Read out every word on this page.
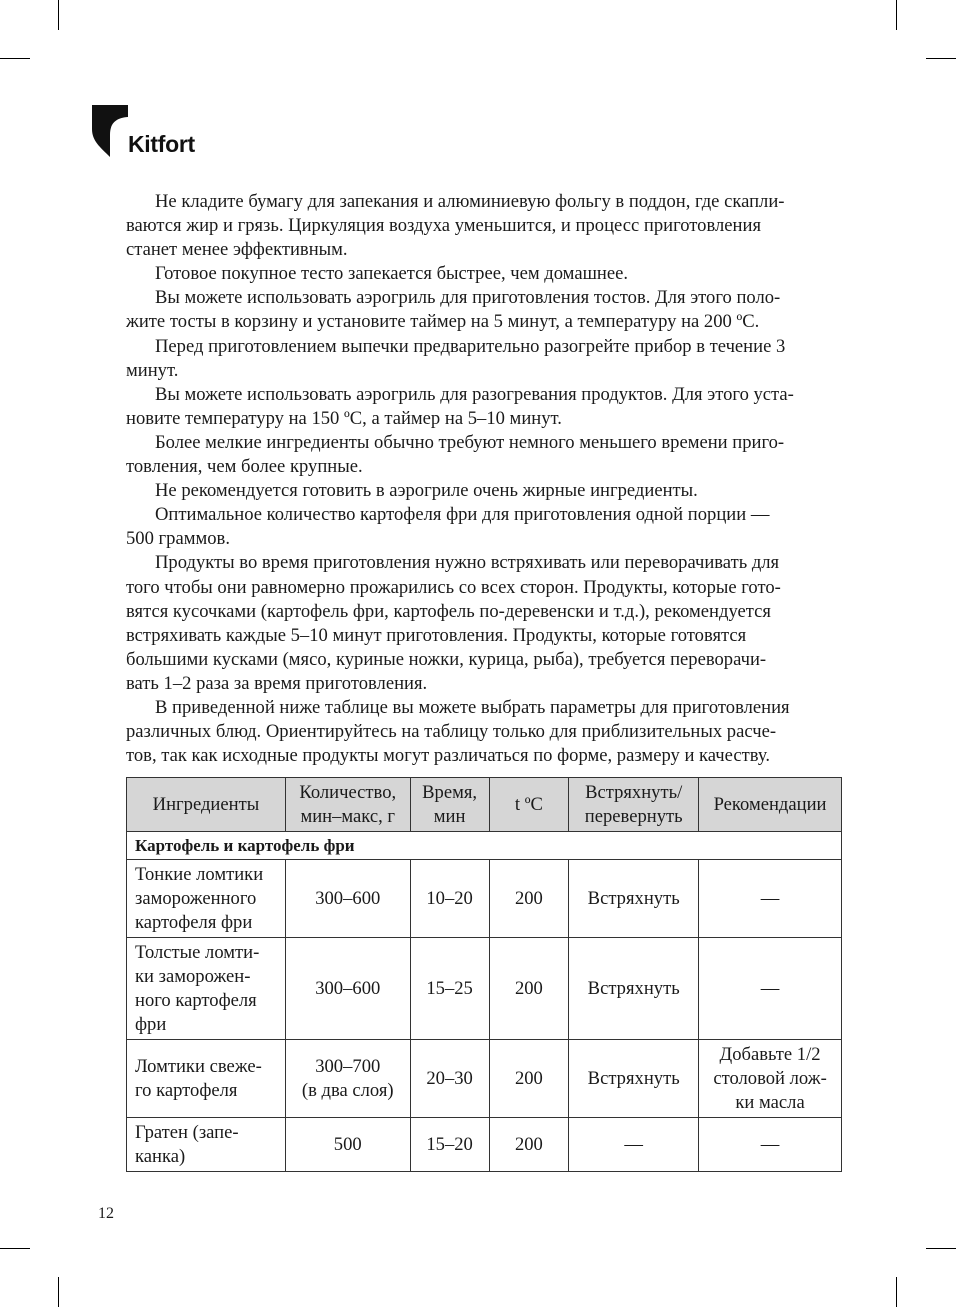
Kitfort

Не кладите бумагу для запекания и алюминиевую фольгу в поддон, где скапли-
ваются жир и грязь. Циркуляция воздуха уменьшится, и процесс приготовления
станет менее эффективным.

Готовое покупное тесто запекается быстрее, чем домашнее.

Вы можете использовать аэрогриль для приготовления тостов. Для этого поло-
жите тосты в корзину и установите таймер на 5 минут, а температуру на 200 ºС.

Перед приготовлением выпечки предварительно разогрейте прибор в течение 3
минут.

Вы можете использовать аэрогриль для разогревания продуктов. Для этого уста-
новите температуру на 150 ºС, а таймер на 5–10 минут.

Более мелкие ингредиенты обычно требуют немного меньшего времени приго-
товления, чем более крупные.

Не рекомендуется готовить в аэрогриле очень жирные ингредиенты.

Оптимальное количество картофеля фри для приготовления одной порции —
500 граммов.

Продукты во время приготовления нужно встряхивать или переворачивать для
того чтобы они равномерно прожарились со всех сторон. Продукты, которые гото-
вятся кусочками (картофель фри, картофель по-деревенски и т.д.), рекомендуется
встряхивать каждые 5–10 минут приготовления. Продукты, которые готовятся
большими кусками (мясо, куриные ножки, курица, рыба), требуется переворачи-
вать 1–2 раза за время приготовления.

В приведенной ниже таблице вы можете выбрать параметры для приготовления
различных блюд. Ориентируйтесь на таблицу только для приблизительных расче-
тов, так как исходные продукты могут различаться по форме, размеру и качеству.

Ингредиенты	Количество,
мин–макс, г	Время,
мин	t ºС	Встряхнуть/
перевернуть	Рекомендации
Картофель и картофель фри					
Тонкие ломтики
замороженного
картофеля фри	300–600	10–20	200	Встряхнуть	—
Толстые ломти-
ки заморожен-
ного картофеля
фри	300–600	15–25	200	Встряхнуть	—
Ломтики свеже-
го картофеля	300–700
(в два слоя)	20–30	200	Встряхнуть	Добавьте 1/2
столовой лож-
ки масла
Гратен (запе-
канка)	500	15–20	200	—	—
12
